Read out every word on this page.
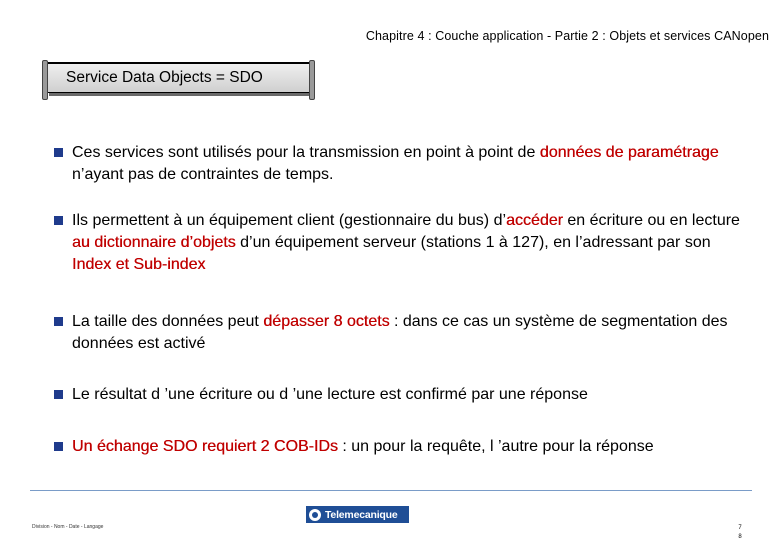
Chapitre 4 : Couche application - Partie 2 : Objets et services CANopen
Service Data Objects = SDO
Ces services sont utilisés pour la transmission en point à point de données de paramétrage n’ayant pas de contraintes de temps.
Ils permettent à un équipement client (gestionnaire du bus) d’accéder en écriture ou en lecture au dictionnaire d’objets d’un équipement serveur (stations 1 à 127), en l’adressant par son Index et Sub-index
La taille des données peut dépasser 8 octets : dans ce cas un système de segmentation des données est activé
Le résultat d ’une écriture ou d ’une lecture est confirmé par une réponse
Un échange SDO requiert 2 COB-IDs : un pour la requête, l ’autre pour la réponse
Telemecanique
Division - Nom - Date - Langage	7
8
